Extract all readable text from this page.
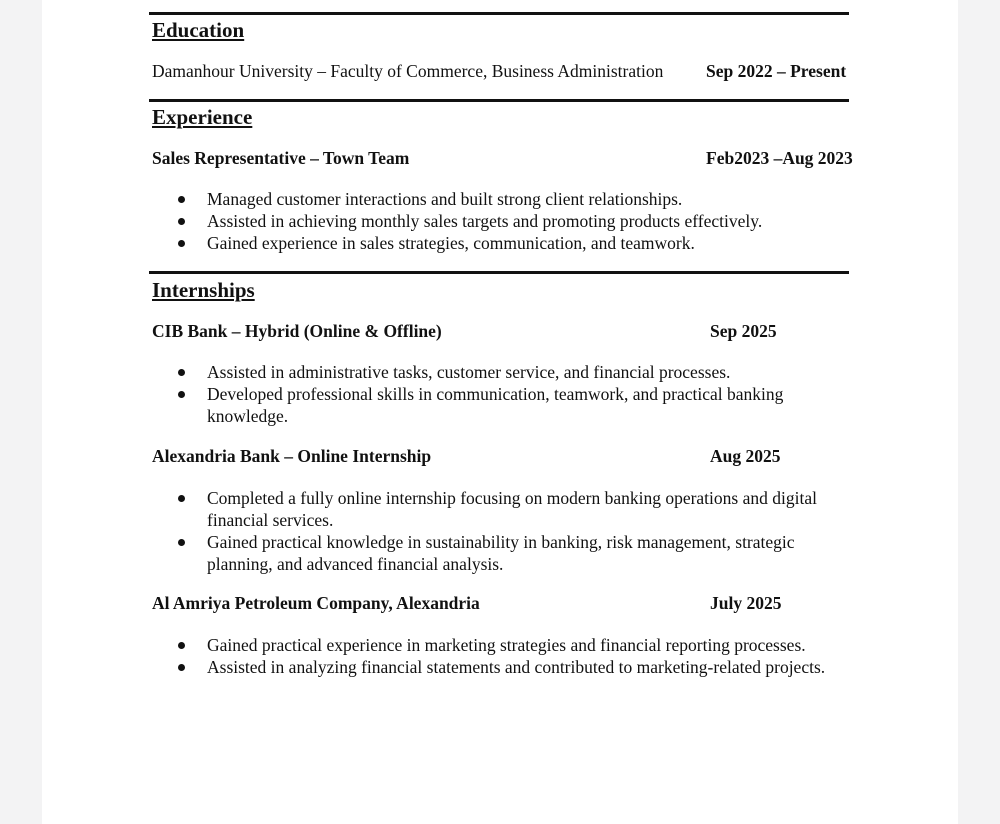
Education
Damanhour University – Faculty of Commerce, Business Administration Sep 2022 – Present
Experience
Sales Representative – Town Team	Feb2023 –Aug 2023
Managed customer interactions and built strong client relationships.
Assisted in achieving monthly sales targets and promoting products effectively.
Gained experience in sales strategies, communication, and teamwork.
Internships
CIB Bank – Hybrid (Online & Offline)	Sep 2025
Assisted in administrative tasks, customer service, and financial processes.
Developed professional skills in communication, teamwork, and practical banking knowledge.
Alexandria Bank – Online Internship	Aug 2025
Completed a fully online internship focusing on modern banking operations and digital financial services.
Gained practical knowledge in sustainability in banking, risk management, strategic planning, and advanced financial analysis.
Al Amriya Petroleum Company, Alexandria	July 2025
Gained practical experience in marketing strategies and financial reporting processes.
Assisted in analyzing financial statements and contributed to marketing-related projects.
